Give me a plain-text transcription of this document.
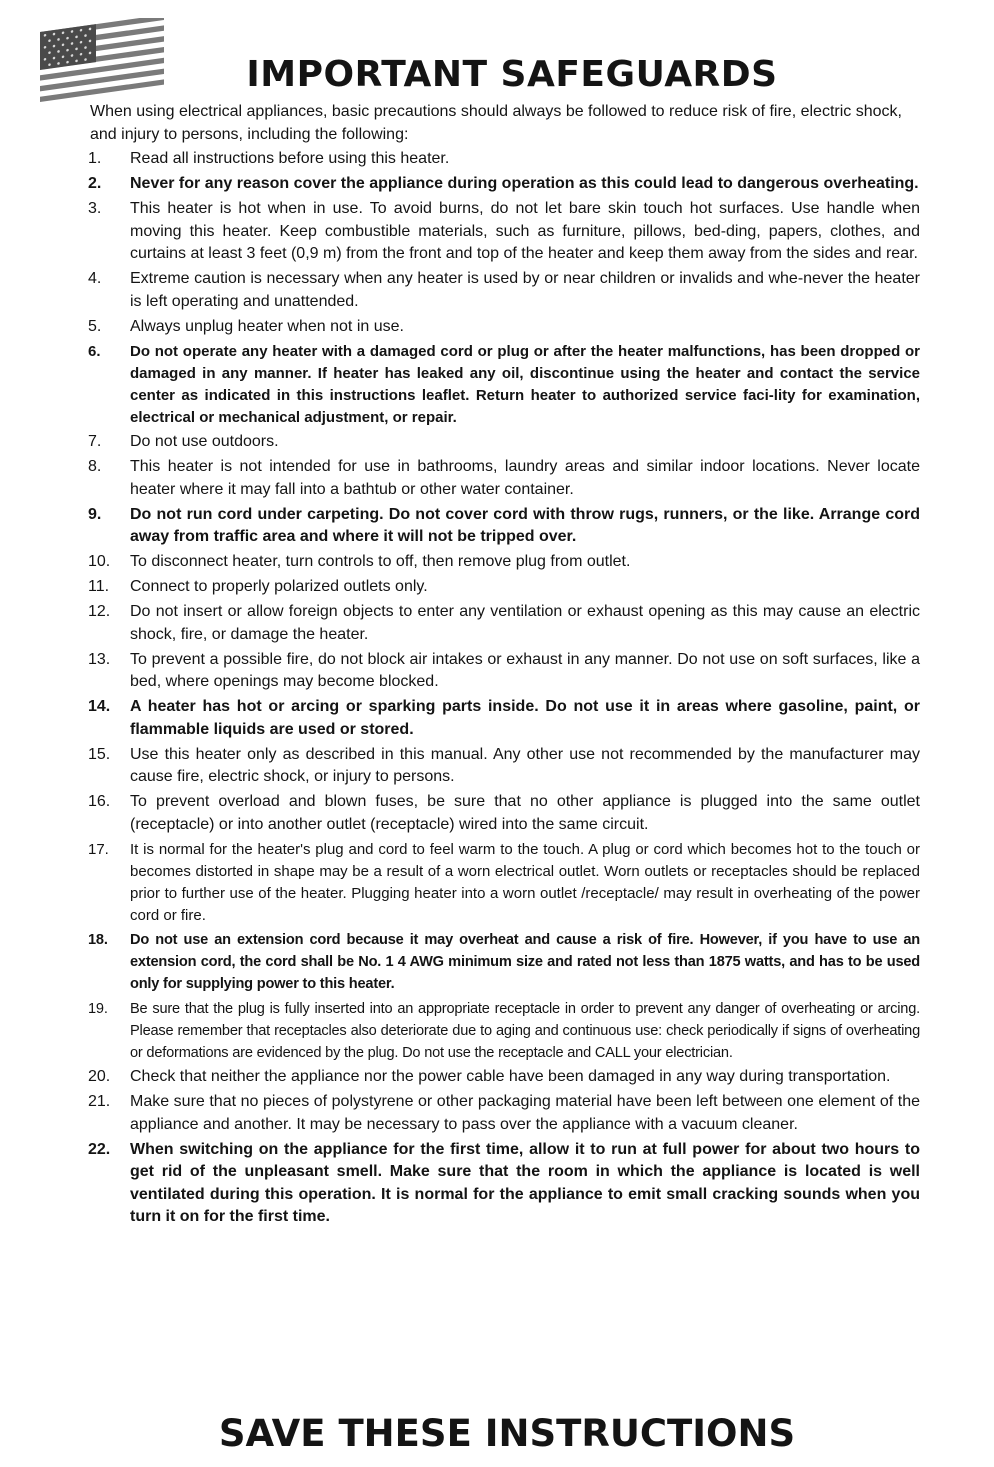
IMPORTANT SAFEGUARDS

When using electrical appliances, basic precautions should always be followed to reduce risk of fire, electric shock, and injury to persons, including the following:

1. Read all instructions before using this heater.
2. Never for any reason cover the appliance during operation as this could lead to dangerous overheating.
3. This heater is hot when in use. To avoid burns, do not let bare skin touch hot surfaces. Use handle when moving this heater. Keep combustible materials, such as furniture, pillows, bed-ding, papers, clothes, and curtains at least 3 feet (0,9 m) from the front and top of the heater and keep them away from the sides and rear.
4. Extreme caution is necessary when any heater is used by or near children or invalids and whe-never the heater is left operating and unattended.
5. Always unplug heater when not in use.
6. Do not operate any heater with a damaged cord or plug or after the heater malfunctions, has been dropped or damaged in any manner. If heater has leaked any oil, discontinue using the heater and contact the service center as indicated in this instructions leaflet. Return heater to authorized service faci-lity for examination, electrical or mechanical adjustment, or repair.
7. Do not use outdoors.
8. This heater is not intended for use in bathrooms, laundry areas and similar indoor locations. Never locate heater where it may fall into a bathtub or other water container.
9. Do not run cord under carpeting. Do not cover cord with throw rugs, runners, or the like. Arrange cord away from traffic area and where it will not be tripped over.
10. To disconnect heater, turn controls to off, then remove plug from outlet.
11. Connect to properly polarized outlets only.
12. Do not insert or allow foreign objects to enter any ventilation or exhaust opening as this may cause an electric shock, fire, or damage the heater.
13. To prevent a possible fire, do not block air intakes or exhaust in any manner. Do not use on soft surfaces, like a bed, where openings may become blocked.
14. A heater has hot or arcing or sparking parts inside. Do not use it in areas where gasoline, paint, or flammable liquids are used or stored.
15. Use this heater only as described in this manual. Any other use not recommended by the manufacturer may cause fire, electric shock, or injury to persons.
16. To prevent overload and blown fuses, be sure that no other appliance is plugged into the same outlet (receptacle) or into another outlet (receptacle) wired into the same circuit.
17. It is normal for the heater's plug and cord to feel warm to the touch. A plug or cord which becomes hot to the touch or becomes distorted in shape may be a result of a worn electrical outlet. Worn outlets or receptacles should be replaced prior to further use of the heater. Plugging heater into a worn outlet /receptacle/ may result in overheating of the power cord or fire.
18. Do not use an extension cord because it may overheat and cause a risk of fire. However, if you have to use an extension cord, the cord shall be No. 1 4 AWG minimum size and rated not less than 1875 watts, and has to be used only for supplying power to this heater.
19. Be sure that the plug is fully inserted into an appropriate receptacle in order to prevent any danger of overheating or arcing. Please remember that receptacles also deteriorate due to aging and continuous use: check periodically if signs of overheating or deformations are evidenced by the plug. Do not use the receptacle and CALL your electrician.
20. Check that neither the appliance nor the power cable have been damaged in any way during transportation.
21. Make sure that no pieces of polystyrene or other packaging material have been left between one element of the appliance and another. It may be necessary to pass over the appliance with a vacuum cleaner.
22. When switching on the appliance for the first time, allow it to run at full power for about two hours to get rid of the unpleasant smell. Make sure that the room in which the appliance is located is well ventilated during this operation. It is normal for the appliance to emit small cracking sounds when you turn it on for the first time.
SAVE THESE INSTRUCTIONS
